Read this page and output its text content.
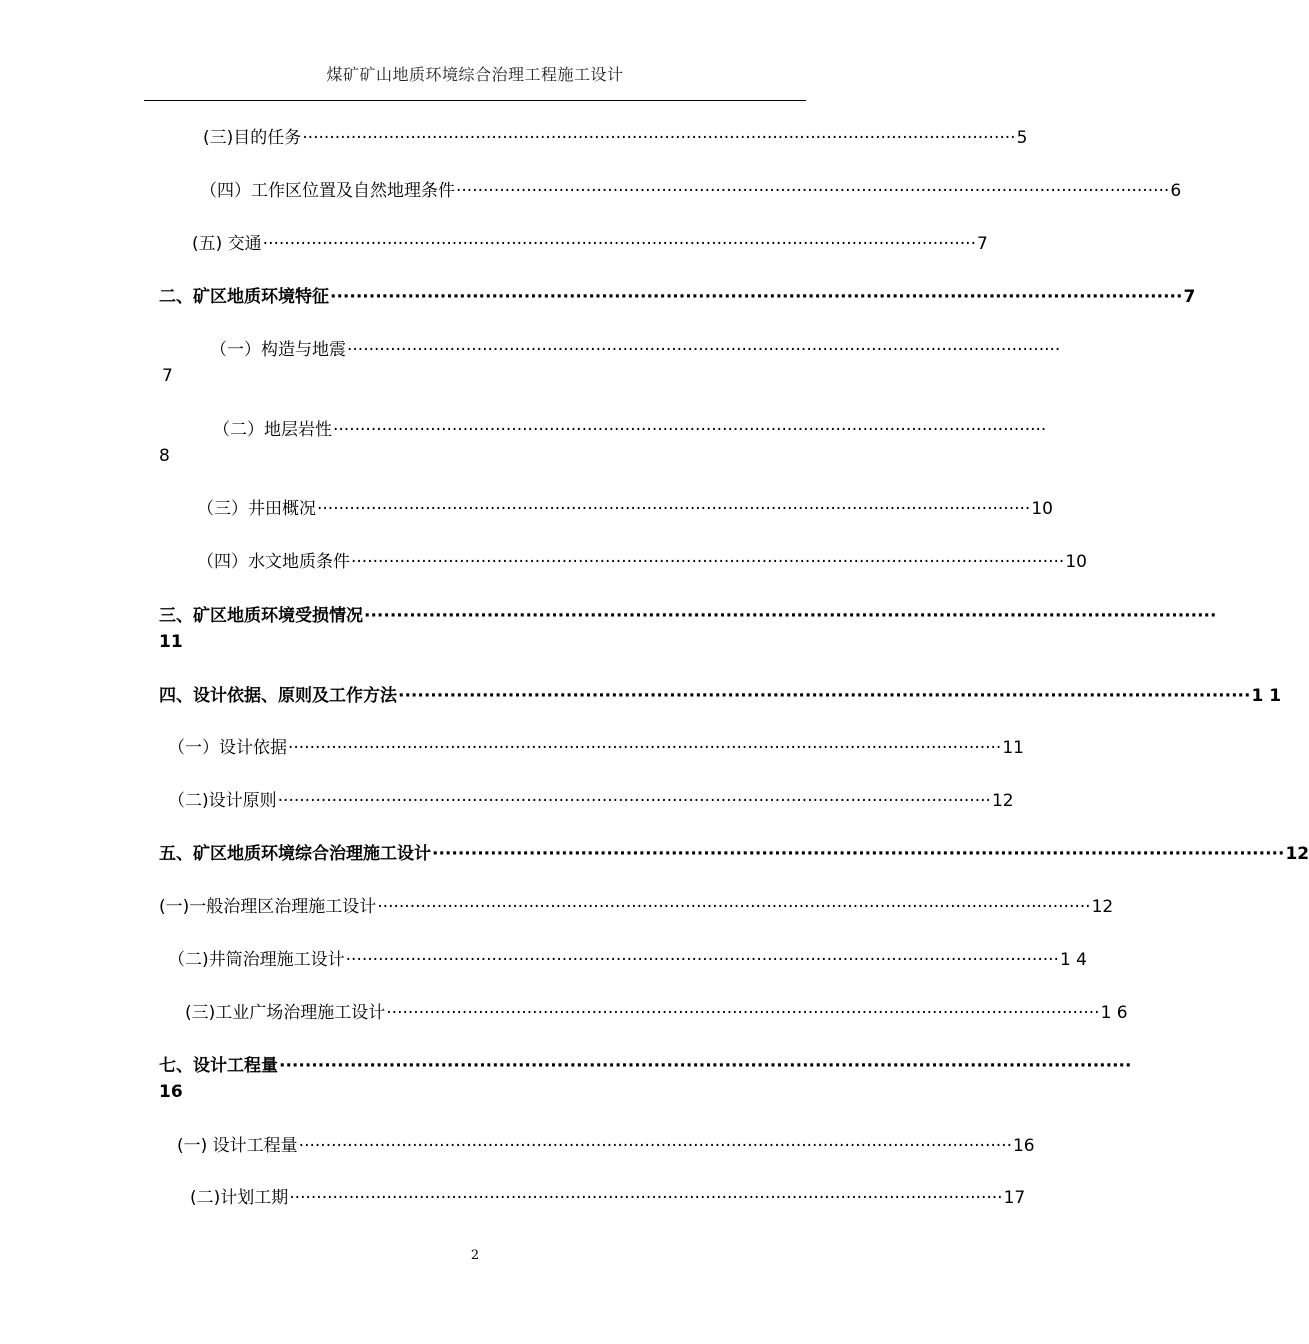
煤矿矿山地质环境综合治理工程施工设计
(三)目的任务 ···································································································································· 5
（四）工作区位置及自然地理条件 ···································································································································· 6
(五) 交通 ···································································································································· 7
二、矿区地质环境特征 ···································································································································· 7
（一）构造与地震 ····································································································································
7
（二）地层岩性 ····································································································································
8
（三）井田概况 ···································································································································· 10
（四）水文地质条件 ···································································································································· 10
三、矿区地质环境受损情况 ····································································································································
11
四、设计依据、原则及工作方法 ···································································································································· 1 1
（一）设计依据 ···································································································································· 11
（二)设计原则 ···································································································································· 12
五、矿区地质环境综合治理施工设计 ···································································································································· 12
(一)一般治理区治理施工设计 ···································································································································· 12
（二)井筒治理施工设计 ···································································································································· 1 4
(三)工业广场治理施工设计 ···································································································································· 1 6
七、设计工程量 ····································································································································
16
(一) 设计工程量 ···································································································································· 16
(二)计划工期 ···································································································································· 17
2
